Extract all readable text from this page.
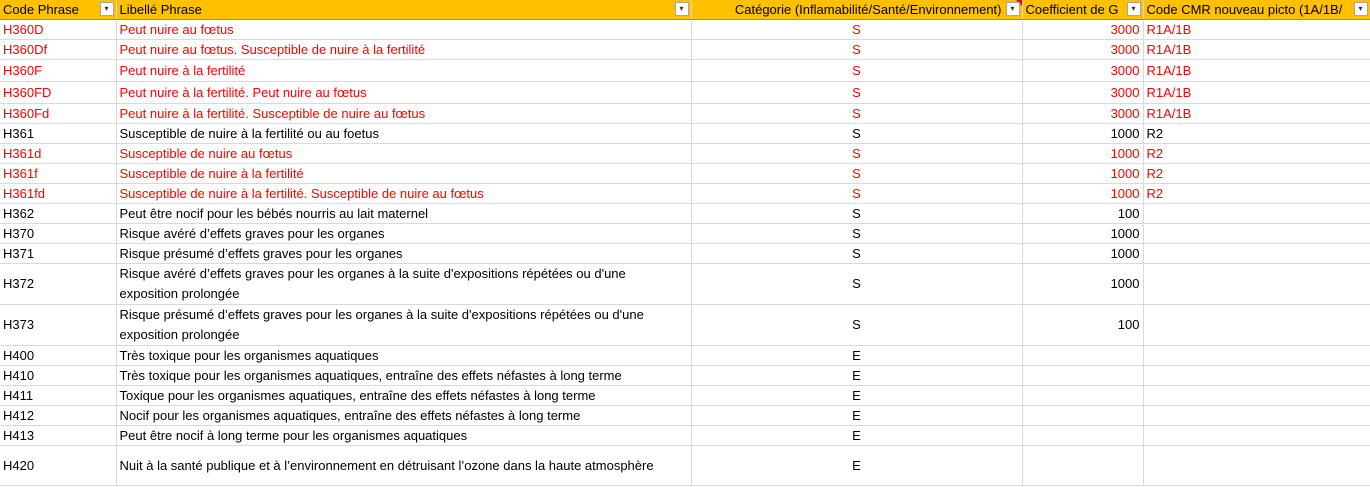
Code Phrase ▾	Libellé Phrase ▾	Catégorie (Inflamabilité/Santé/Environnement) ▾	Coefficient de G ▾	Code CMR nouveau picto (1A/1B/ ▾

H360D	Peut nuire au fœtus	S	3000	R1A/1B
H360Df	Peut nuire au fœtus. Susceptible de nuire à la fertilité	S	3000	R1A/1B
H360F	Peut nuire à la fertilité	S	3000	R1A/1B
H360FD	Peut nuire à la fertilité. Peut nuire au fœtus	S	3000	R1A/1B
H360Fd	Peut nuire à la fertilité. Susceptible de nuire au fœtus	S	3000	R1A/1B
H361	Susceptible de nuire à la fertilité ou au foetus	S	1000	R2
H361d	Susceptible de nuire au fœtus	S	1000	R2
H361f	Susceptible de nuire à la fertilité	S	1000	R2
H361fd	Susceptible de nuire à la fertilité. Susceptible de nuire au fœtus	S	1000	R2
H362	Peut être nocif pour les bébés nourris au lait maternel	S	100	
H370	Risque avéré d’effets graves pour les organes	S	1000	
H371	Risque présumé d’effets graves pour les organes	S	1000	
H372	Risque avéré d’effets graves pour les organes à la suite d'expositions répétées ou d'une exposition prolongée	S	1000	
H373	Risque présumé d’effets graves pour les organes à la suite d'expositions répétées ou d'une exposition prolongée	S	100	
H400	Très toxique pour les organismes aquatiques	E		
H410	Très toxique pour les organismes aquatiques, entraîne des effets néfastes à long terme	E		
H411	Toxique pour les organismes aquatiques, entraîne des effets néfastes à long terme	E		
H412	Nocif pour les organismes aquatiques, entraîne des effets néfastes à long terme	E		
H413	Peut être nocif à long terme pour les organismes aquatiques	E		
H420	Nuit à la santé publique et à l’environnement en détruisant l’ozone dans la haute atmosphère	E		
